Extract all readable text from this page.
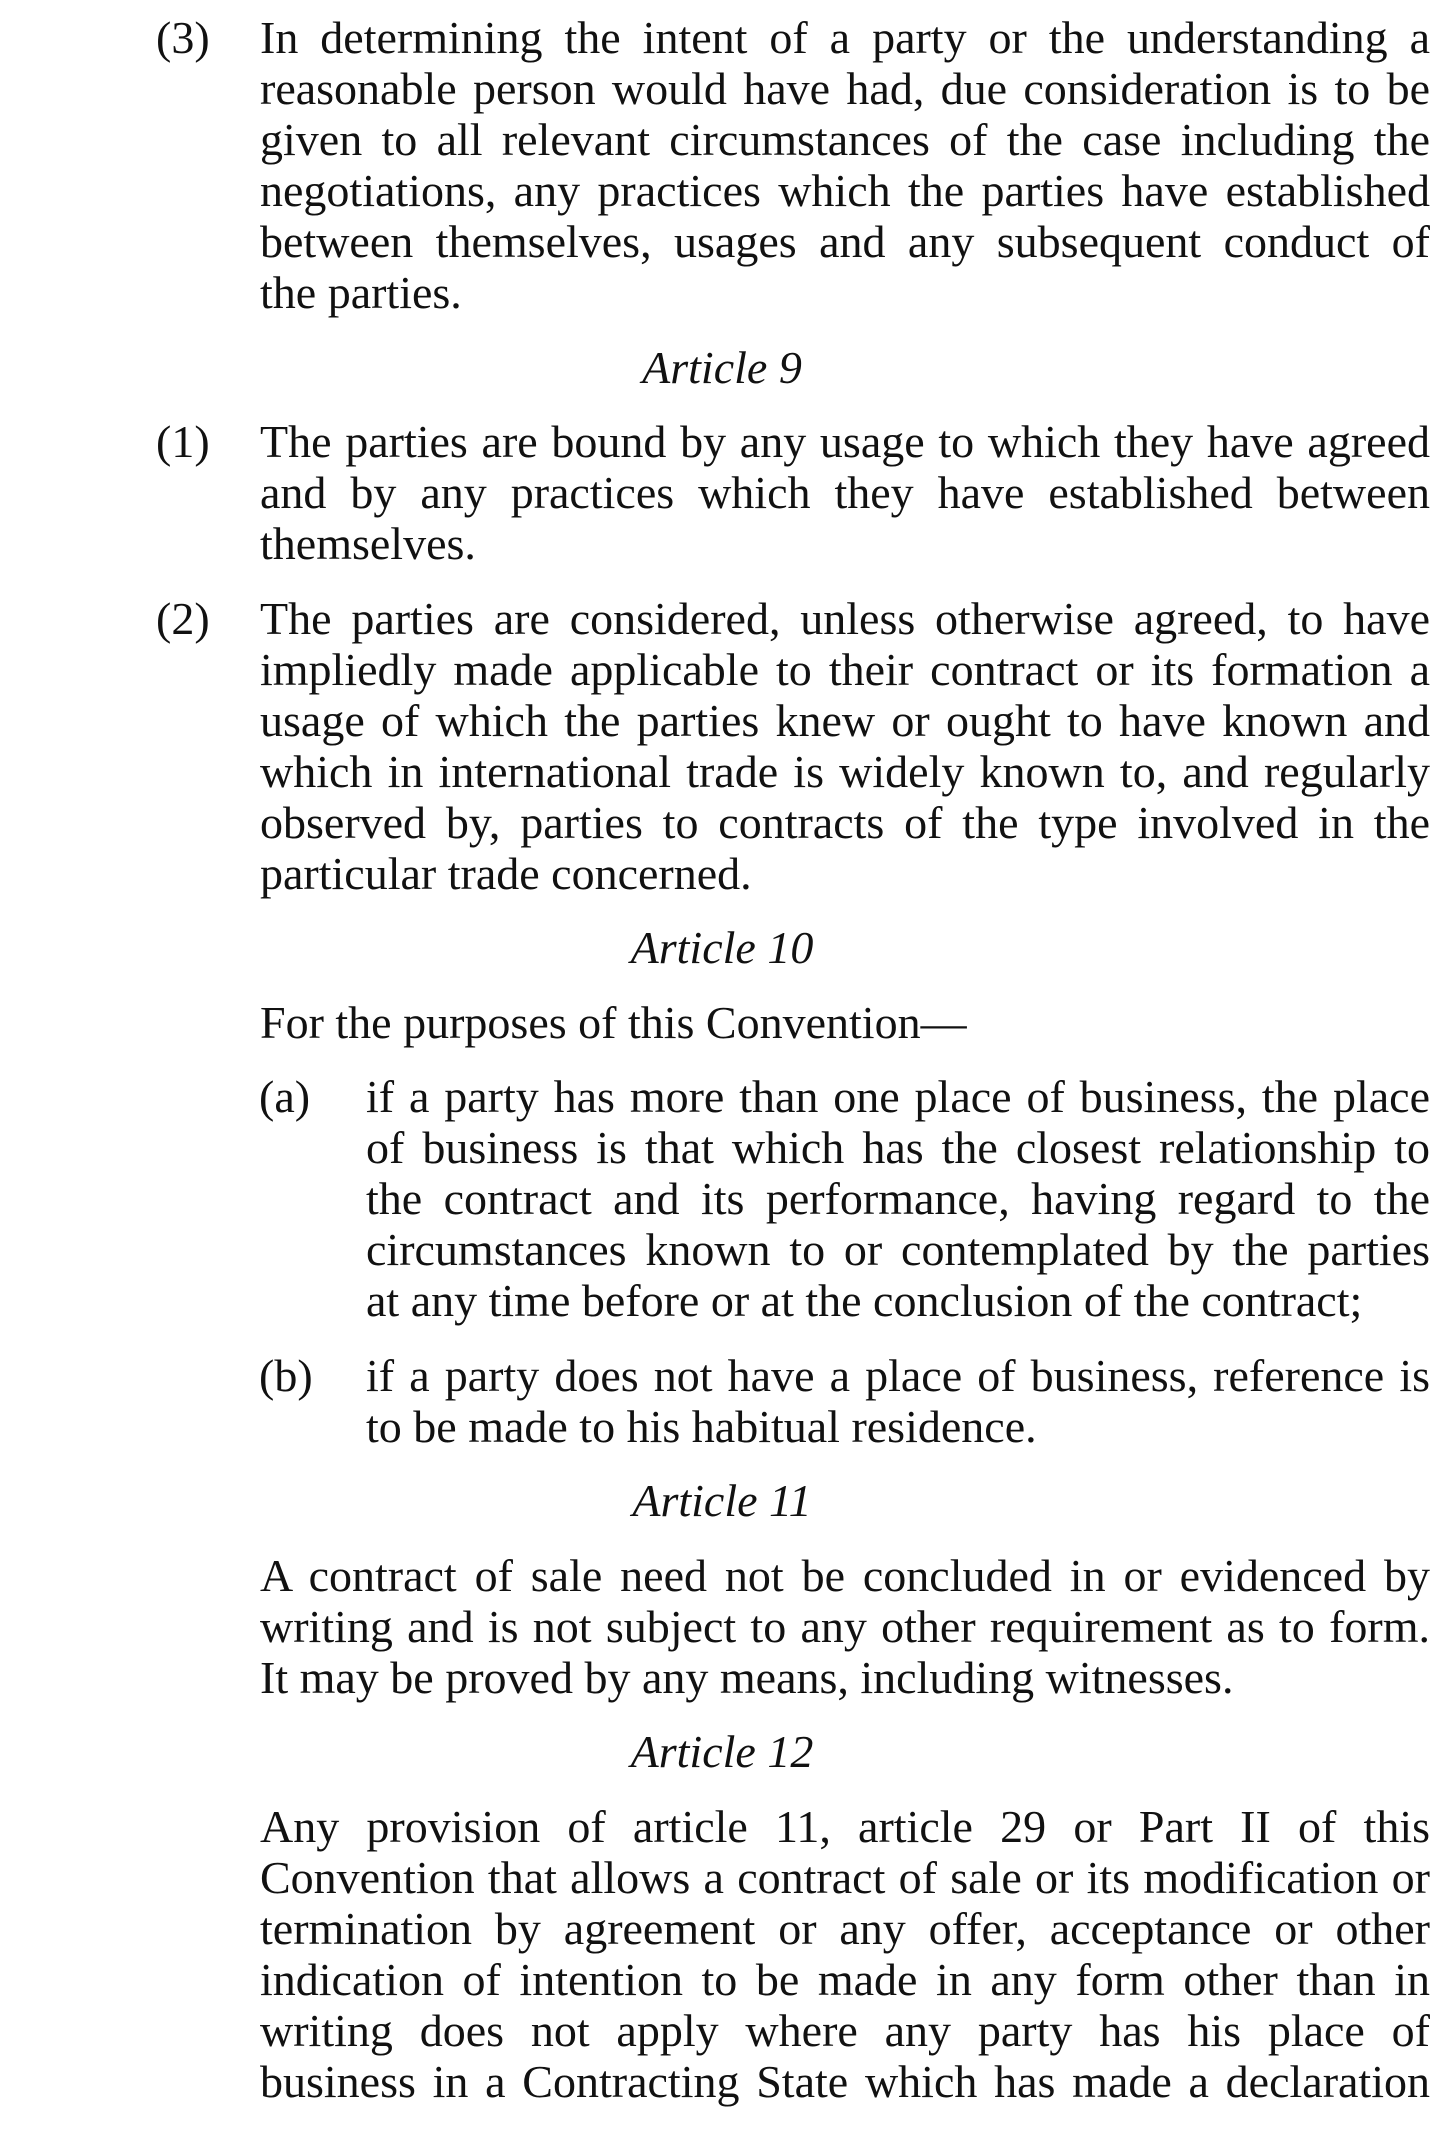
(3) In determining the intent of a party or the understanding a
reasonable person would have had, due consideration is to be
given to all relevant circumstances of the case including the
negotiations, any practices which the parties have established
between themselves, usages and any subsequent conduct of
the parties.
Article 9
(1) The parties are bound by any usage to which they have agreed
and by any practices which they have established between
themselves.
(2) The parties are considered, unless otherwise agreed, to have
impliedly made applicable to their contract or its formation a
usage of which the parties knew or ought to have known and
which in international trade is widely known to, and regularly
observed by, parties to contracts of the type involved in the
particular trade concerned.
Article 10
For the purposes of this Convention—
(a) if a party has more than one place of business, the place
of business is that which has the closest relationship to
the contract and its performance, having regard to the
circumstances known to or contemplated by the parties
at any time before or at the conclusion of the contract;
(b) if a party does not have a place of business, reference is
to be made to his habitual residence.
Article 11
A contract of sale need not be concluded in or evidenced by
writing and is not subject to any other requirement as to form.
It may be proved by any means, including witnesses.
Article 12
Any provision of article 11, article 29 or Part II of this
Convention that allows a contract of sale or its modification or
termination by agreement or any offer, acceptance or other
indication of intention to be made in any form other than in
writing does not apply where any party has his place of
business in a Contracting State which has made a declaration
